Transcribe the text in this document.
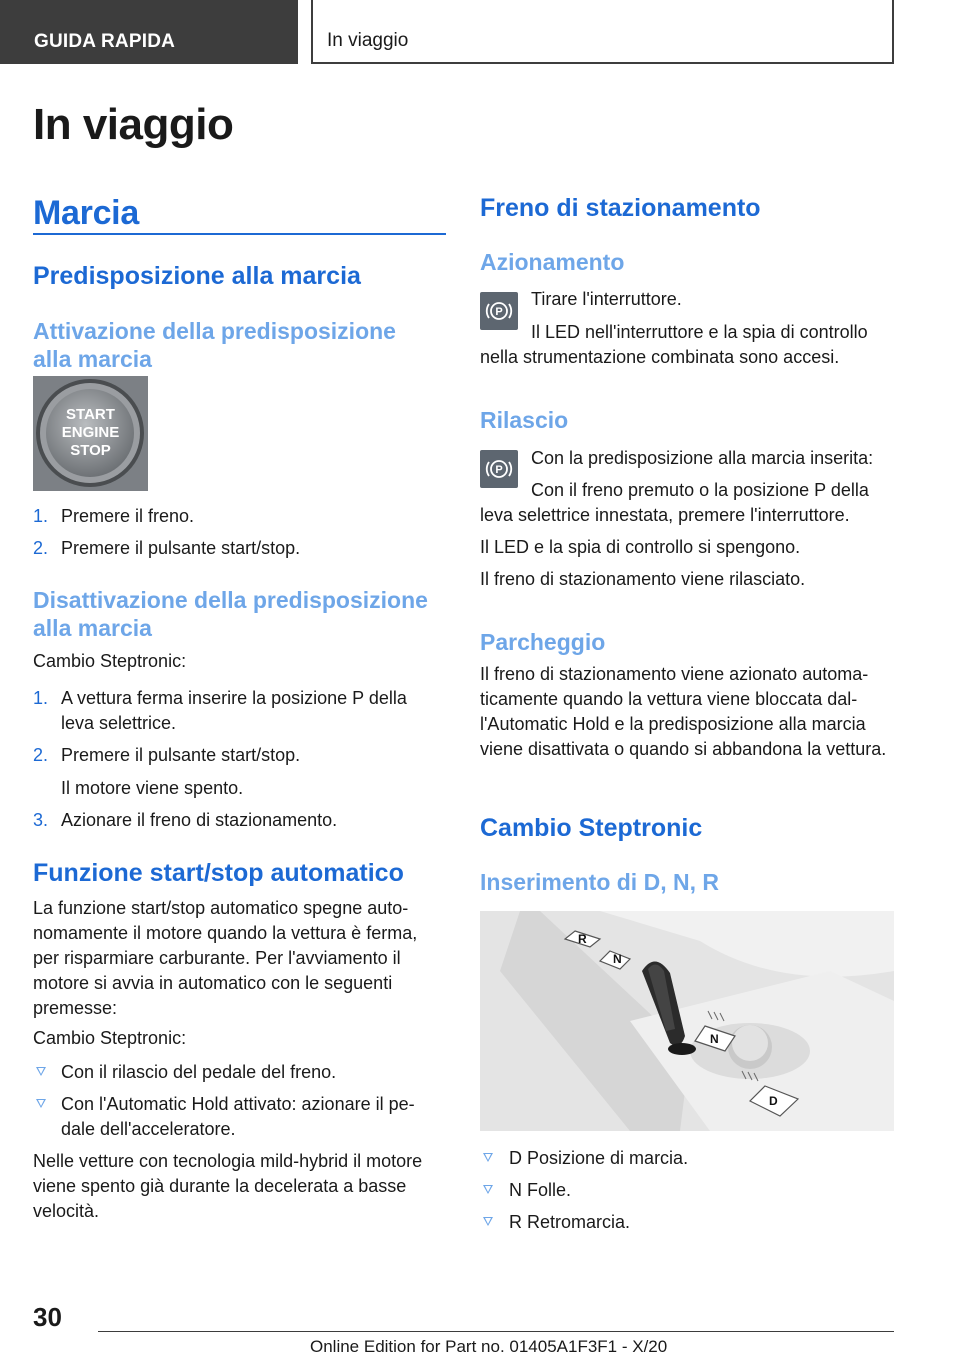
GUIDA RAPIDA	In viaggio
In viaggio
Marcia
Predisposizione alla marcia
Attivazione della predisposizione alla marcia
START
ENGINE
STOP
1. Premere il freno.

2. Premere il pulsante start/stop.

Disattivazione della predisposizione alla marcia

Cambio Steptronic:

1. A vettura ferma inserire la posizione P della leva selettrice.

2. Premere il pulsante start/stop.

Il motore viene spento.

3. Azionare il freno di stazionamento.

Funzione start/stop automatico

La funzione start/stop automatico spegne autonomamente il motore quando la vettura è ferma, per risparmiare carburante. Per l'avviamento il motore si avvia in automatico con le seguenti premesse:

Cambio Steptronic:

Con il rilascio del pedale del freno.

Con l'Automatic Hold attivato: azionare il pedale dell'acceleratore.

Nelle vetture con tecnologia mild-hybrid il motore viene spento già durante la decelerata a basse velocità.

Freno di stazionamento
Azionamento
P

Tirare l'interruttore.

Il LED nell'interruttore e la spia di controllo nella strumentazione combinata sono accesi.

Rilascio
P

Con la predisposizione alla marcia inserita:

Con il freno premuto o la posizione P della leva selettrice innestata, premere l'interruttore.

Il LED e la spia di controllo si spengono.

Il freno di stazionamento viene rilasciato.

Parcheggio

Il freno di stazionamento viene azionato automaticamente quando la vettura viene bloccata dall'Automatic Hold e la predisposizione alla marcia viene disattivata o quando si abbandona la vettura.

Cambio Steptronic
Inserimento di D, N, R
R
N
N
D

D Posizione di marcia.

N Folle.

R Retromarcia.

30
Online Edition for Part no. 01405A1F3F1 - X/20
